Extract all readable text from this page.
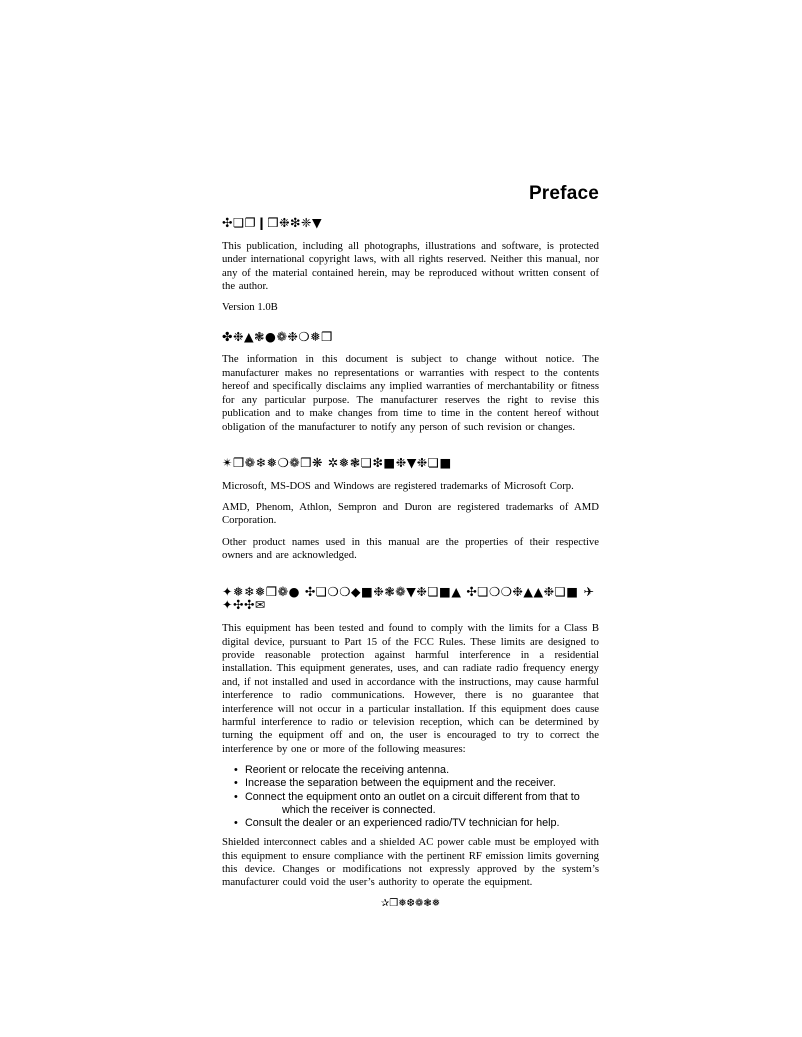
Preface
✣❏❐❙❒❉❇❈▼

This publication, including all photographs, illustrations and software, is protected under international copyright laws, with all rights reserved. Neither this manual, nor any of the material contained herein, may be reproduced without written consent of the author.

Version 1.0B

✤❉▲❃●❁❉❍❅❒

The information in this document is subject to change without notice. The manufacturer makes no representations or warranties with respect to the contents hereof and specifically disclaims any implied warranties of merchantability or fitness for any particular purpose. The manufacturer reserves the right to revise this publication and to make changes from time to time in the content hereof without obligation of the manufacturer to notify any person of such revision or changes.

✴❒❁❄❅❍❁❒❋ ✲❅❃❏❇■❉▼❉❏■

Microsoft, MS-DOS and Windows are registered trademarks of Microsoft Corp.

AMD, Phenom, Athlon, Sempron and Duron are registered trademarks of AMD Corporation.

Other product names used in this manual are the properties of their respective owners and are acknowledged.

✦❅❄❅❒❁● ✣❏❍❍◆■❉❃❁▼❉❏■▲ ✣❏❍❍❉▲▲❉❏■ ✈✦✣✣✉

This equipment has been tested and found to comply with the limits for a Class B digital device, pursuant to Part 15 of the FCC Rules. These limits are designed to provide reasonable protection against harmful interference in a residential installation. This equipment generates, uses, and can radiate radio frequency energy and, if not installed and used in accordance with the instructions, may cause harmful interference to radio communications. However, there is no guarantee that interference will not occur in a particular installation. If this equipment does cause harmful interference to radio or television reception, which can be determined by turning the equipment off and on, the user is encouraged to try to correct the interference by one or more of the following measures:

• Reorient or relocate the receiving antenna.
• Increase the separation between the equipment and the receiver.
• Connect the equipment onto an outlet on a circuit different from that to
which the receiver is connected.
• Consult the dealer or an experienced radio/TV technician for help.

Shielded interconnect cables and a shielded AC power cable must be employed with this equipment to ensure compliance with the pertinent RF emission limits governing this device. Changes or modifications not expressly approved by the system’s manufacturer could void the user’s authority to operate the equipment.

✰❒❅❆❁❃❅
